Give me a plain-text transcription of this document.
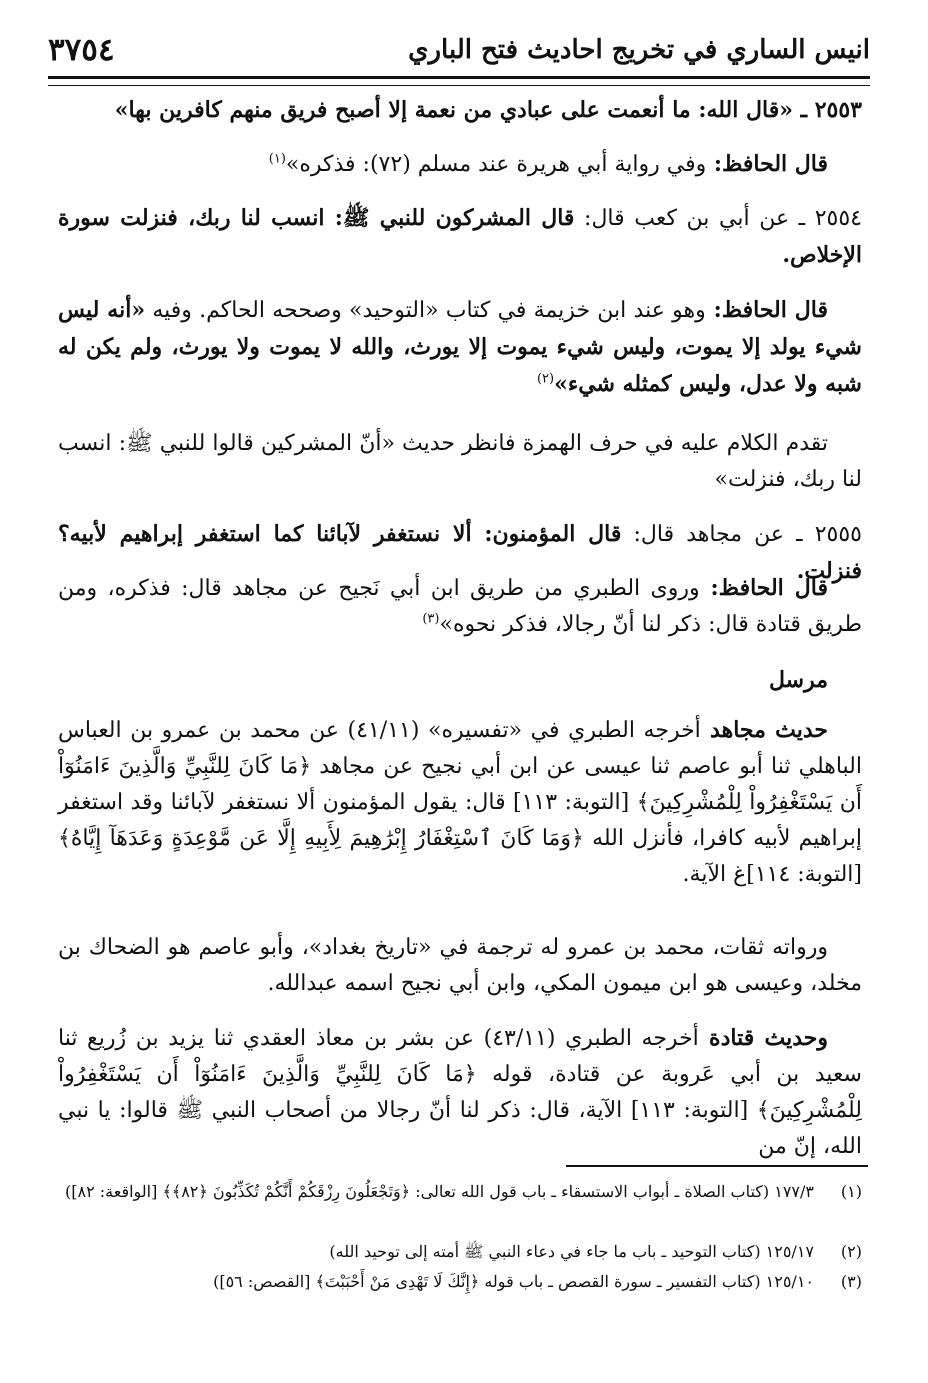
انيس الساري في تخريج احاديث فتح الباري
٣٧٥٤
٢٥٥٣ ـ «قال الله: ما أنعمت على عبادي من نعمة إلا أصبح فريق منهم كافرين بها»
قال الحافظ: وفي رواية أبي هريرة عند مسلم (٧٢): فذكره»$^{(١)}$
٢٥٥٤ ـ عن أبي بن كعب قال: قال المشركون للنبي ﷺ: انسب لنا ربك، فنزلت سورة الإخلاص.
قال الحافظ: وهو عند ابن خزيمة في كتاب «التوحيد» وصححه الحاكم. وفيه «أنه ليس شيء يولد إلا يموت، وليس شيء يموت إلا يورث، والله لا يموت ولا يورث، ولم يكن له شبه ولا عدل، وليس كمثله شيء»$^{(٢)}$
تقدم الكلام عليه في حرف الهمزة فانظر حديث «أنّ المشركين قالوا للنبي ﷺ: انسب لنا ربك، فنزلت»
٢٥٥٥ ـ عن مجاهد قال: قال المؤمنون: ألا نستغفر لآبائنا كما استغفر إبراهيم لأبيه؟ فنزلت.
قال الحافظ: وروى الطبري من طريق ابن أبي نَجيح عن مجاهد قال: فذكره، ومن طريق قتادة قال: ذكر لنا أنّ رجالا، فذكر نحوه»$^{(٣)}$
مرسل
حديث مجاهد أخرجه الطبري في «تفسيره» (٤١/١١) عن محمد بن عمرو بن العباس الباهلي ثنا أبو عاصم ثنا عيسى عن ابن أبي نجيح عن مجاهد ﴿مَا كَانَ لِلنَّبِيِّ وَالَّذِينَ ءَامَنُوٓاْ أَن يَسْتَغْفِرُواْ لِلْمُشْرِكِينَ﴾ [التوبة: ١١٣] قال: يقول المؤمنون ألا نستغفر لآبائنا وقد استغفر إبراهيم لأبيه كافرا، فأنزل الله ﴿وَمَا كَانَ ٱسْتِغْفَارُ إِبْرَٰهِيمَ لِأَبِيهِ إِلَّا عَن مَّوْعِدَةٍ وَعَدَهَآ إِيَّاهُ﴾ [التوبة: ١١٤]غ الآية.
ورواته ثقات، محمد بن عمرو له ترجمة في «تاريخ بغداد»، وأبو عاصم هو الضحاك بن مخلد، وعيسى هو ابن ميمون المكي، وابن أبي نجيح اسمه عبدالله.
وحديث قتادة أخرجه الطبري (٤٣/١١) عن بشر بن معاذ العقدي ثنا يزيد بن زُريع ثنا سعيد بن أبي عَروبة عن قتادة، قوله ﴿مَا كَانَ لِلنَّبِيِّ وَالَّذِينَ ءَامَنُوٓاْ أَن يَسْتَغْفِرُواْ لِلْمُشْرِكِينَ﴾ [التوبة: ١١٣] الآية، قال: ذكر لنا أنّ رجالا من أصحاب النبي ﷺ قالوا: يا نبي الله، إنّ من
(١)١٧٧/٣ (كتاب الصلاة ـ أبواب الاستسقاء ـ باب قول الله تعالى: ﴿وَتَجْعَلُونَ رِزْقَكُمْ أَنَّكُمْ تُكَذِّبُونَ ﴿٨٢﴾﴾ [الواقعة: ٨٢])
(٢)١٢٥/١٧ (كتاب التوحيد ـ باب ما جاء في دعاء النبي ﷺ أمته إلى توحيد الله)
(٣)١٢٥/١٠ (كتاب التفسير ـ سورة القصص ـ باب قوله ﴿إِنَّكَ لَا تَهْدِى مَنْ أَحْبَبْتَ﴾ [القصص: ٥٦])
